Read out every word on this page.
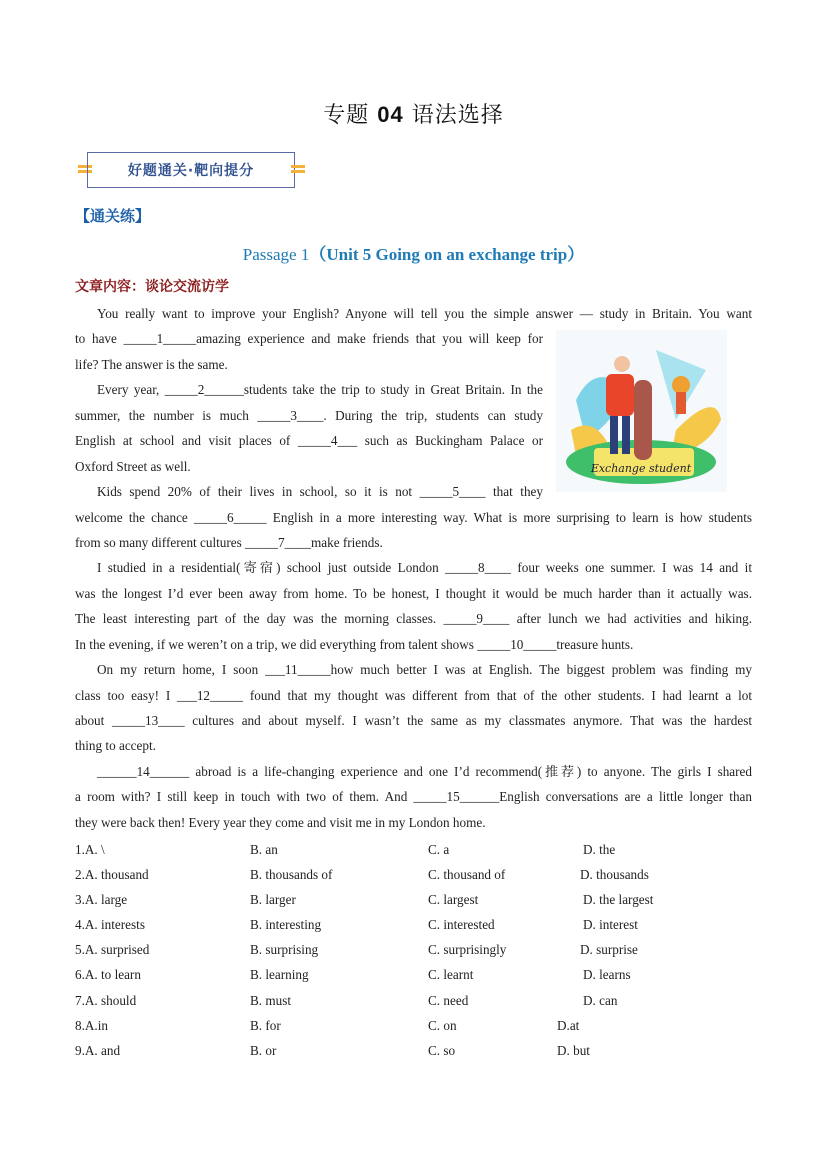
专题 04 语法选择
好题通关·靶向提分
【通关练】
Passage 1（Unit 5 Going on an exchange trip）
文章内容：谈论交流访学
You really want to improve your English? Anyone will tell you the simple answer — study in Britain. You want
to have _____1_____amazing experience and make friends that you will keep for
life? The answer is the same.
Every year, _____2______students take the trip to study in Great Britain. In the
summer, the number is much _____3____. During the trip, students can study
English at school and visit places of _____4___ such as Buckingham Palace or
Oxford Street as well.
Kids spend 20% of their lives in school, so it is not _____5____ that they
welcome the chance _____6_____ English in a more interesting way. What is more surprising to learn is how students
from so many different cultures _____7____make friends.
I studied in a residential(寄宿) school just outside London _____8____ four weeks one summer. I was 14 and it
was the longest I’d ever been away from home. To be honest, I thought it would be much harder than it actually was.
The least interesting part of the day was the morning classes. _____9____ after lunch we had activities and hiking.
In the evening, if we weren’t on a trip, we did everything from talent shows _____10_____treasure hunts.
On my return home, I soon ___11_____how much better I was at English. The biggest problem was finding my
class too easy! I ___12_____ found that my thought was different from that of the other students. I had learnt a lot
about _____13____ cultures and about myself. I wasn’t the same as my classmates anymore. That was the hardest
thing to accept.
______14______ abroad is a life-changing experience and one I’d recommend(推荐) to anyone. The girls I shared
a room with? I still keep in touch with two of them. And _____15______English conversations are a little longer than
they were back then! Every year they come and visit me in my London home.
Exchange student
1.A. \	B. an	C. a	D. the
2.A. thousand	B. thousands of	C. thousand of	D. thousands
3.A. large	B. larger	C. largest	D. the largest
4.A. interests	B. interesting	C. interested	D. interest
5.A. surprised	B. surprising	C. surprisingly	D. surprise
6.A. to learn	B. learning	C. learnt	D. learns
7.A. should	B. must	C. need	D. can
8.A.in	B. for	C. on	D.at
9.A. and	B. or	C. so	D. but
